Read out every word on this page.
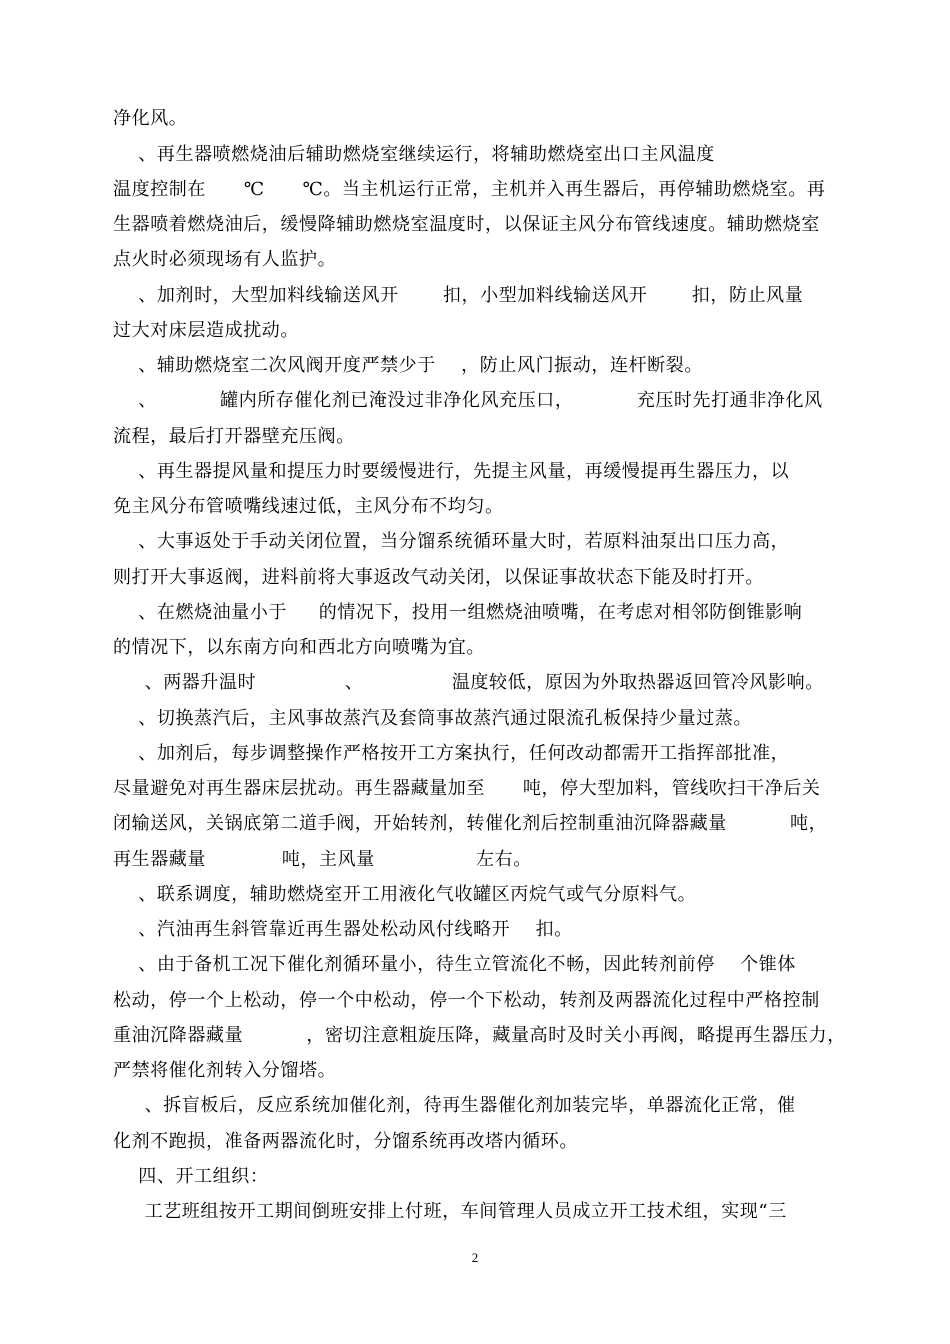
净化风。
、再生器喷燃烧油后辅助燃烧室继续运行，将辅助燃烧室出口主风温度
温度控制在      ℃      ℃。当主机运行正常，主机并入再生器后，再停辅助燃烧室。再
生器喷着燃烧油后，缓慢降辅助燃烧室温度时，以保证主风分布管线速度。辅助燃烧室
点火时必须现场有人监护。
、加剂时，大型加料线输送风开       扣，小型加料线输送风开       扣，防止风量
过大对床层造成扰动。
、辅助燃烧室二次风阀开度严禁少于    ，防止风门振动，连杆断裂。
、          罐内所存催化剂已淹没过非净化风充压口，          充压时先打通非净化风
流程，最后打开器壁充压阀。
、再生器提风量和提压力时要缓慢进行，先提主风量，再缓慢提再生器压力，以
免主风分布管喷嘴线速过低，主风分布不均匀。
、大事返处于手动关闭位置，当分馏系统循环量大时，若原料油泵出口压力高，
则打开大事返阀，进料前将大事返改气动关闭，以保证事故状态下能及时打开。
、在燃烧油量小于     的情况下，投用一组燃烧油喷嘴，在考虑对相邻防倒锥影响
的情况下，以东南方向和西北方向喷嘴为宜。
、两器升温时              、              温度较低，原因为外取热器返回管冷风影响。
、切换蒸汽后，主风事故蒸汽及套筒事故蒸汽通过限流孔板保持少量过蒸。
、加剂后，每步调整操作严格按开工方案执行，任何改动都需开工指挥部批准，
尽量避免对再生器床层扰动。再生器藏量加至      吨，停大型加料，管线吹扫干净后关
闭输送风，关锅底第二道手阀，开始转剂，转催化剂后控制重油沉降器藏量          吨，
再生器藏量            吨，主风量                左右。
、联系调度，辅助燃烧室开工用液化气收罐区丙烷气或气分原料气。
、汽油再生斜管靠近再生器处松动风付线略开    扣。
、由于备机工况下催化剂循环量小，待生立管流化不畅，因此转剂前停    个锥体
松动，停一个上松动，停一个中松动，停一个下松动，转剂及两器流化过程中严格控制
重油沉降器藏量          ，密切注意粗旋压降，藏量高时及时关小再阀，略提再生器压力，
严禁将催化剂转入分馏塔。
、拆盲板后，反应系统加催化剂，待再生器催化剂加装完毕，单器流化正常，催
化剂不跑损，准备两器流化时，分馏系统再改塔内循环。
四、开工组织：
工艺班组按开工期间倒班安排上付班，车间管理人员成立开工技术组，实现“三
2
